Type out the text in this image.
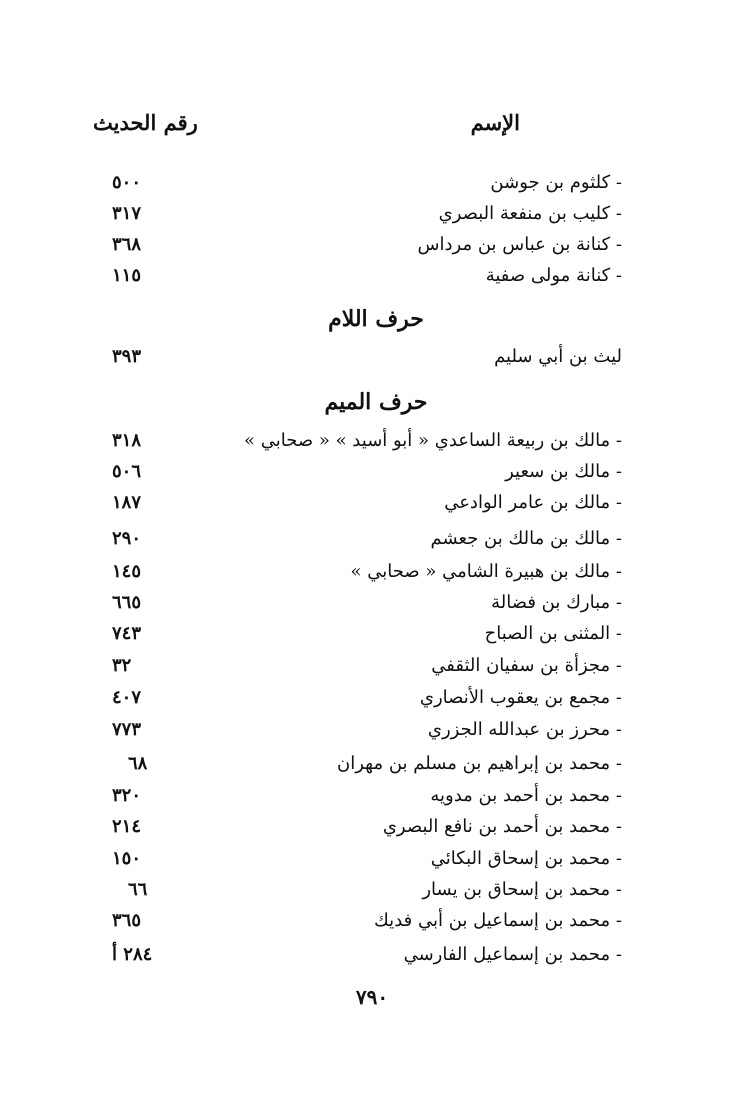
الإسم
رقم الحديث
- كلثوم بن جوشن
٥٠٠
- كليب بن منفعة البصري
٣١٧
- كنانة بن عباس بن مرداس
٣٦٨
- كنانة مولى صفية
١١٥
حرف اللام
ليث بن أبي سليم
٣٩٣
حرف الميم
- مالك بن ربيعة الساعدي « أبو أسيد » « صحابي »
٣١٨
- مالك بن سعير
٥٠٦
- مالك بن عامر الوادعي
١٨٧
- مالك بن مالك بن جعشم
٢٩٠
- مالك بن هبيرة الشامي « صحابي »
١٤٥
- مبارك بن فضالة
٦٦٥
- المثنى بن الصباح
٧٤٣
- مجزأة بن سفيان الثقفي
٣٢
- مجمع بن يعقوب الأنصاري
٤٠٧
- محرز بن عبدالله الجزري
٧٧٣
- محمد بن إبراهيم بن مسلم بن مهران
٦٨
- محمد بن أحمد بن مدويه
٣٢٠
- محمد بن أحمد بن نافع البصري
٢١٤
- محمد بن إسحاق البكائي
١٥٠
- محمد بن إسحاق بن يسار
٦٦
- محمد بن إسماعيل بن أبي فديك
٣٦٥
- محمد بن إسماعيل الفارسي
٢٨٤ أ
٧٩٠
